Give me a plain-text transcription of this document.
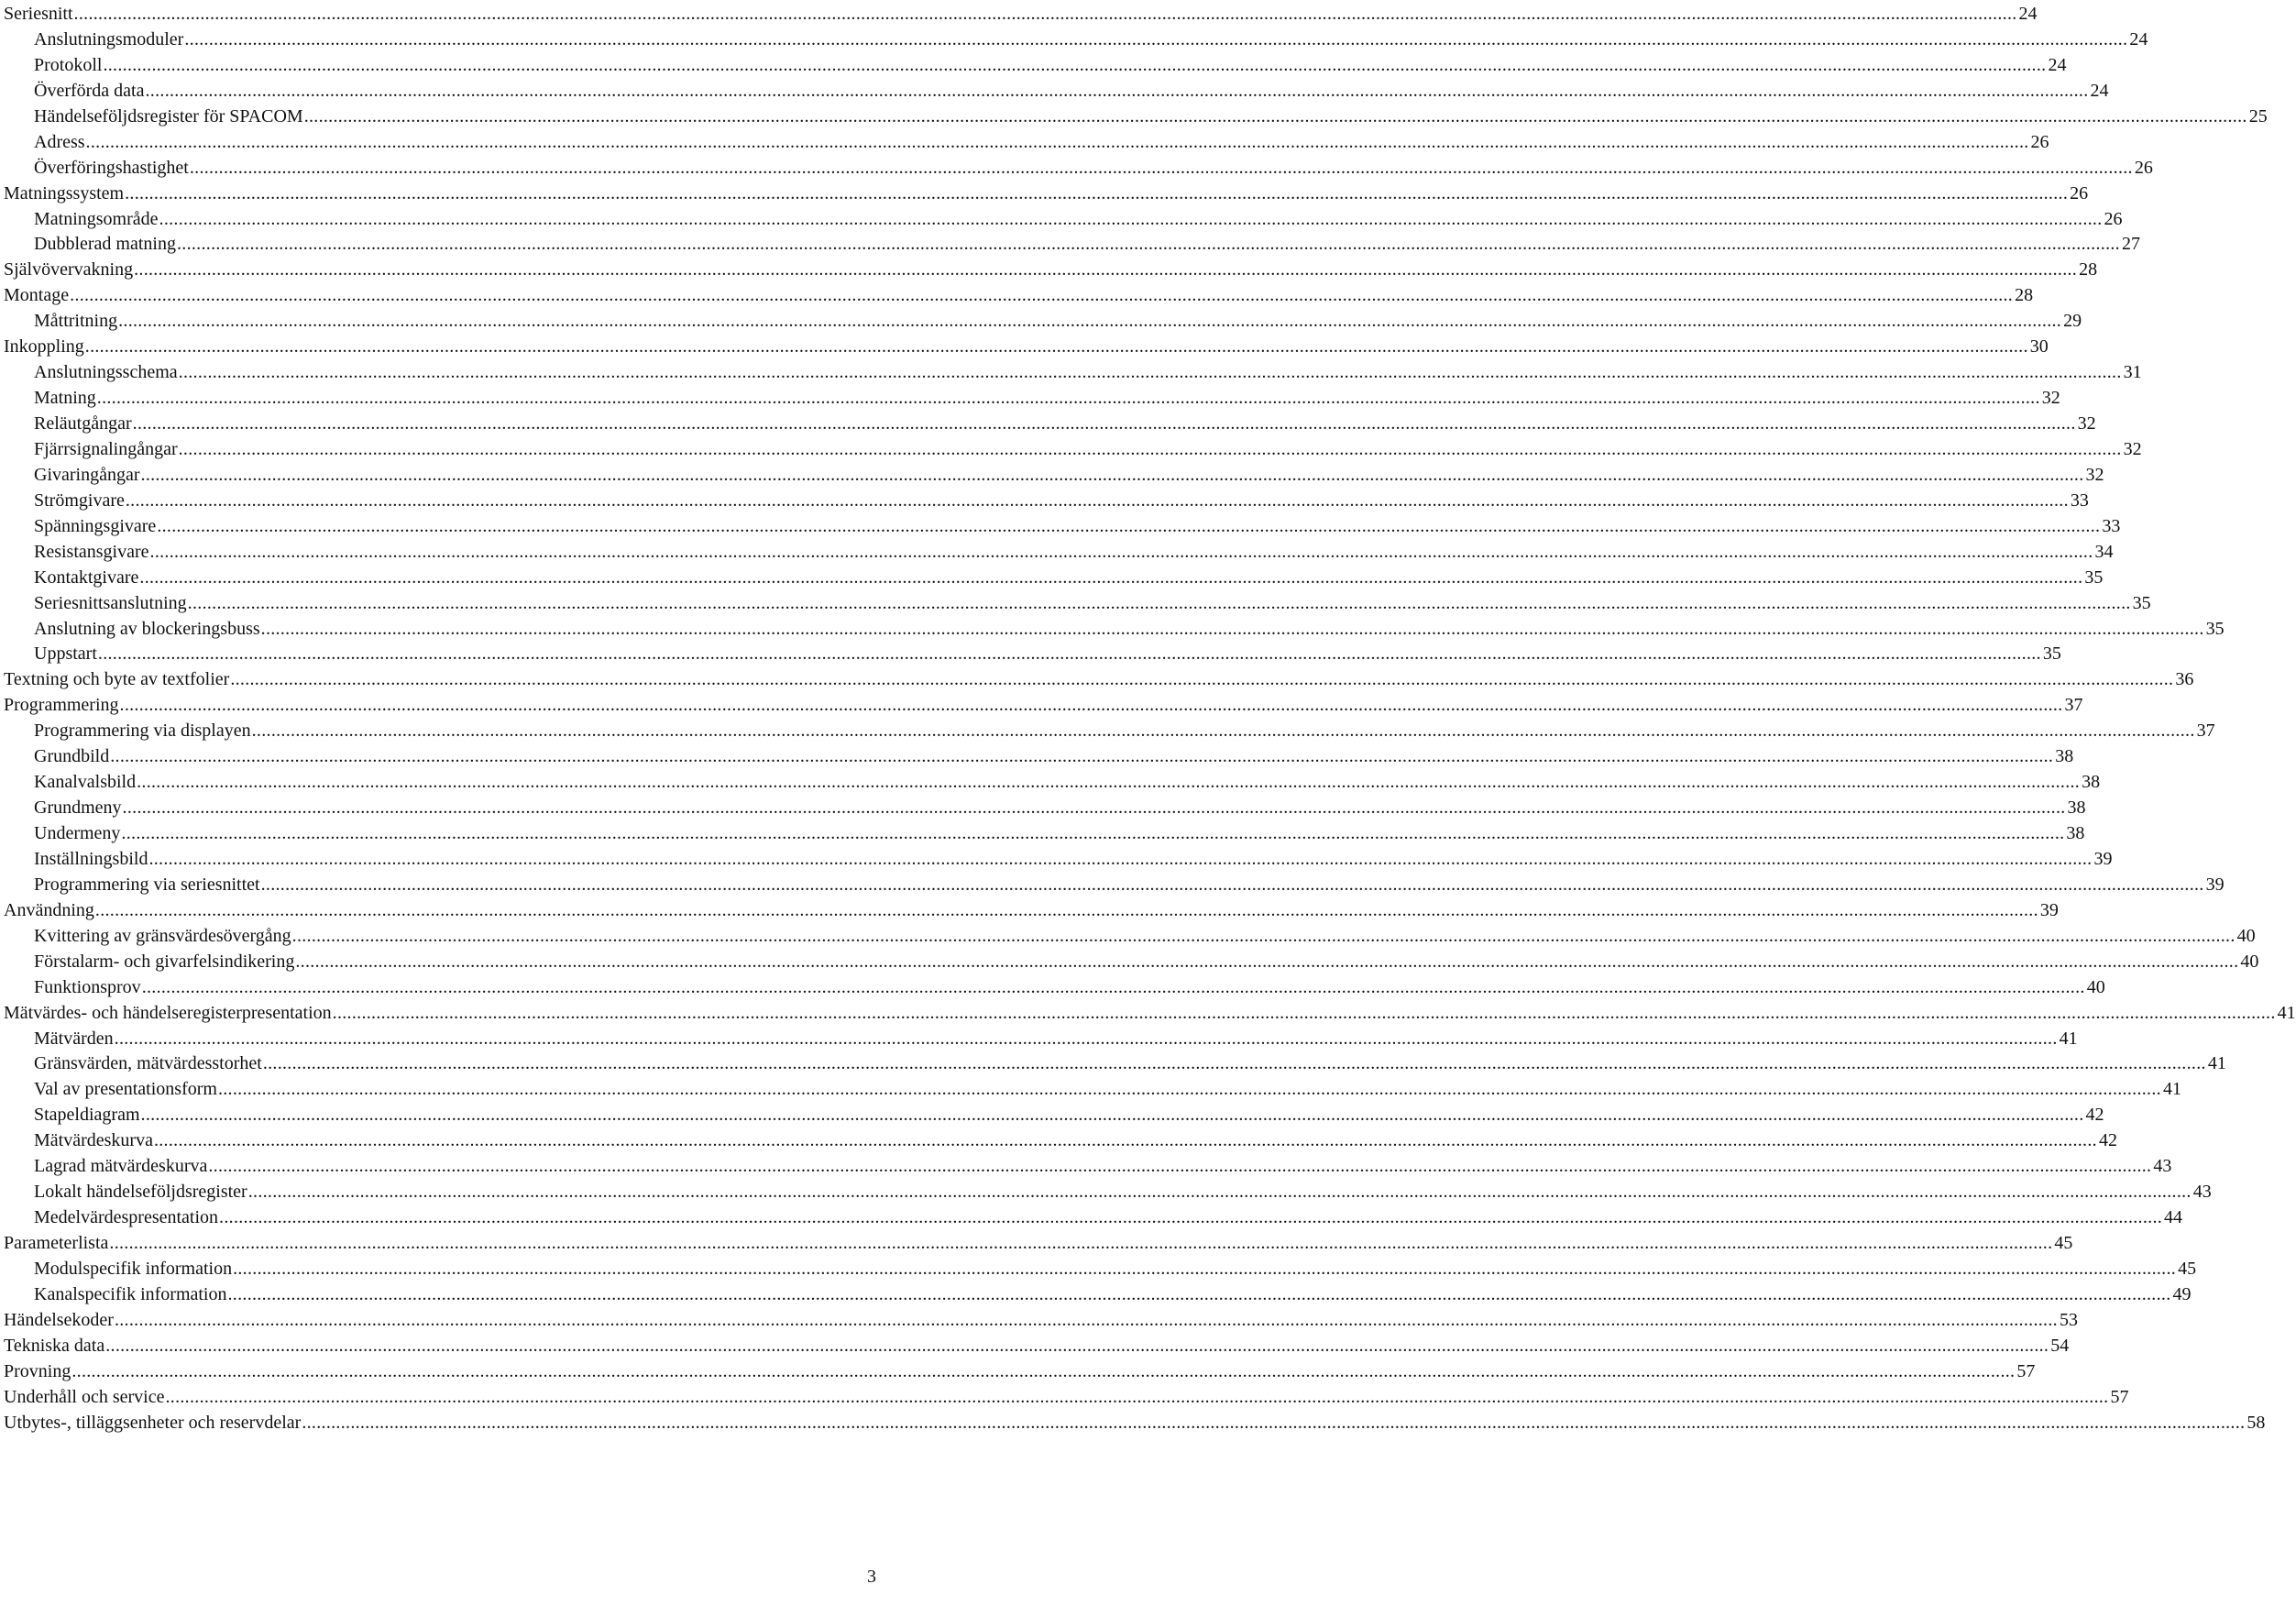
Seriesnitt ................................................................................................................................................................................................................................................................................................................................................................................................................ 24
Anslutningsmoduler ................................................................................................................................................................................................................................................................................................................................................................................................................ 24
Protokoll ................................................................................................................................................................................................................................................................................................................................................................................................................ 24
Överförda data ................................................................................................................................................................................................................................................................................................................................................................................................................ 24
Händelseföljdsregister för SPACOM ................................................................................................................................................................................................................................................................................................................................................................................................................ 25
Adress ................................................................................................................................................................................................................................................................................................................................................................................................................ 26
Överföringshastighet ................................................................................................................................................................................................................................................................................................................................................................................................................ 26
Matningssystem ................................................................................................................................................................................................................................................................................................................................................................................................................ 26
Matningsområde ................................................................................................................................................................................................................................................................................................................................................................................................................ 26
Dubblerad matning ................................................................................................................................................................................................................................................................................................................................................................................................................ 27
Självövervakning ................................................................................................................................................................................................................................................................................................................................................................................................................ 28
Montage ................................................................................................................................................................................................................................................................................................................................................................................................................ 28
Måttritning ................................................................................................................................................................................................................................................................................................................................................................................................................ 29
Inkoppling ................................................................................................................................................................................................................................................................................................................................................................................................................ 30
Anslutningsschema ................................................................................................................................................................................................................................................................................................................................................................................................................ 31
Matning ................................................................................................................................................................................................................................................................................................................................................................................................................ 32
Reläutgångar ................................................................................................................................................................................................................................................................................................................................................................................................................ 32
Fjärrsignalingångar ................................................................................................................................................................................................................................................................................................................................................................................................................ 32
Givaringångar ................................................................................................................................................................................................................................................................................................................................................................................................................ 32
Strömgivare ................................................................................................................................................................................................................................................................................................................................................................................................................ 33
Spänningsgivare ................................................................................................................................................................................................................................................................................................................................................................................................................ 33
Resistansgivare ................................................................................................................................................................................................................................................................................................................................................................................................................ 34
Kontaktgivare ................................................................................................................................................................................................................................................................................................................................................................................................................ 35
Seriesnittsanslutning ................................................................................................................................................................................................................................................................................................................................................................................................................ 35
Anslutning av blockeringsbuss ................................................................................................................................................................................................................................................................................................................................................................................................................ 35
Uppstart ................................................................................................................................................................................................................................................................................................................................................................................................................ 35
Textning och byte av textfolier ................................................................................................................................................................................................................................................................................................................................................................................................................ 36
Programmering ................................................................................................................................................................................................................................................................................................................................................................................................................ 37
Programmering via displayen ................................................................................................................................................................................................................................................................................................................................................................................................................ 37
Grundbild ................................................................................................................................................................................................................................................................................................................................................................................................................ 38
Kanalvalsbild ................................................................................................................................................................................................................................................................................................................................................................................................................ 38
Grundmeny ................................................................................................................................................................................................................................................................................................................................................................................................................ 38
Undermeny ................................................................................................................................................................................................................................................................................................................................................................................................................ 38
Inställningsbild ................................................................................................................................................................................................................................................................................................................................................................................................................ 39
Programmering via seriesnittet ................................................................................................................................................................................................................................................................................................................................................................................................................ 39
Användning ................................................................................................................................................................................................................................................................................................................................................................................................................ 39
Kvittering av gränsvärdesövergång ................................................................................................................................................................................................................................................................................................................................................................................................................ 40
Förstalarm- och givarfelsindikering ................................................................................................................................................................................................................................................................................................................................................................................................................ 40
Funktionsprov ................................................................................................................................................................................................................................................................................................................................................................................................................ 40
Mätvärdes- och händelseregisterpresentation ................................................................................................................................................................................................................................................................................................................................................................................................................ 41
Mätvärden ................................................................................................................................................................................................................................................................................................................................................................................................................ 41
Gränsvärden, mätvärdesstorhet ................................................................................................................................................................................................................................................................................................................................................................................................................ 41
Val av presentationsform ................................................................................................................................................................................................................................................................................................................................................................................................................ 41
Stapeldiagram ................................................................................................................................................................................................................................................................................................................................................................................................................ 42
Mätvärdeskurva ................................................................................................................................................................................................................................................................................................................................................................................................................ 42
Lagrad mätvärdeskurva ................................................................................................................................................................................................................................................................................................................................................................................................................ 43
Lokalt händelseföljdsregister ................................................................................................................................................................................................................................................................................................................................................................................................................ 43
Medelvärdespresentation ................................................................................................................................................................................................................................................................................................................................................................................................................ 44
Parameterlista ................................................................................................................................................................................................................................................................................................................................................................................................................ 45
Modulspecifik information ................................................................................................................................................................................................................................................................................................................................................................................................................ 45
Kanalspecifik information ................................................................................................................................................................................................................................................................................................................................................................................................................ 49
Händelsekoder ................................................................................................................................................................................................................................................................................................................................................................................................................ 53
Tekniska data ................................................................................................................................................................................................................................................................................................................................................................................................................ 54
Provning ................................................................................................................................................................................................................................................................................................................................................................................................................ 57
Underhåll och service ................................................................................................................................................................................................................................................................................................................................................................................................................ 57
Utbytes-, tilläggsenheter och reservdelar ................................................................................................................................................................................................................................................................................................................................................................................................................ 58
3
